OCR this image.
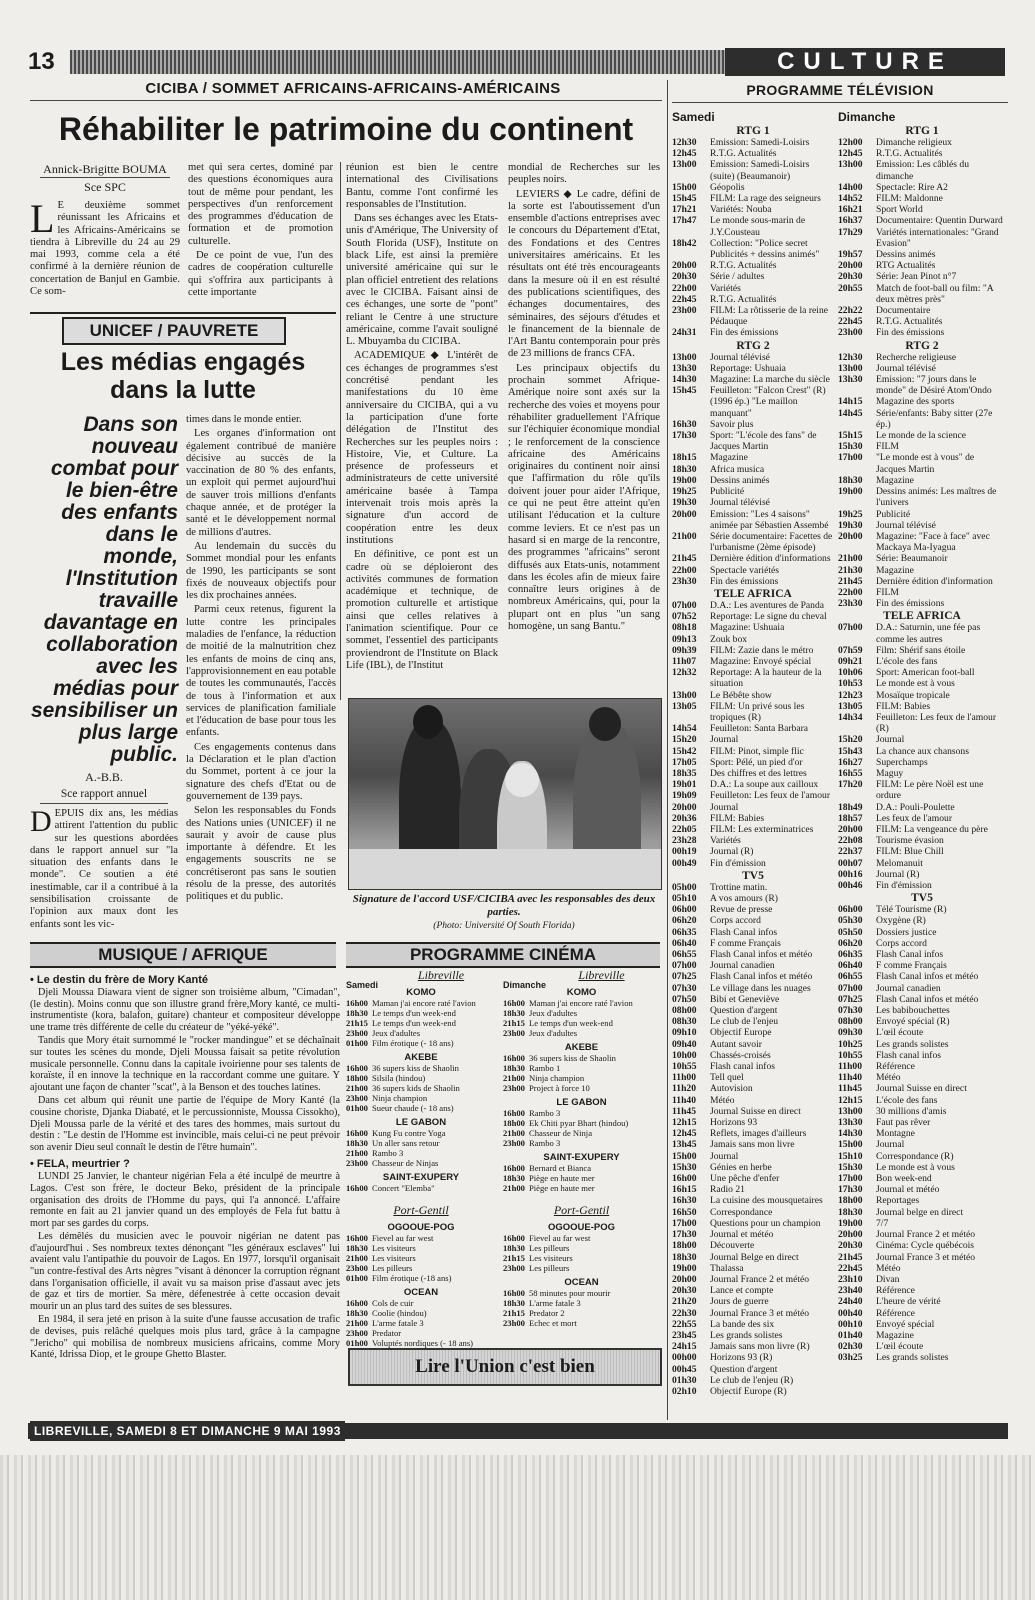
13	CULTURE
CICIBA / SOMMET AFRICAINS-AFRICAINS-AMÉRICAINS
Réhabiliter le patrimoine du continent
Annick-Brigitte BOUMA
Sce SPC

L E deuxième sommet réunissant les Africains et les Africains-Américains se tiendra à Libreville du 24 au 29 mai 1993, comme cela a été confirmé à la dernière réunion de concertation de Banjul en Gambie. Ce som-

met qui sera certes, dominé par des questions économiques aura tout de même pour pendant, les perspectives d'un renforcement des programmes d'éducation de formation et de promotion culturelle.

De ce point de vue, l'un des cadres de coopération culturelle qui s'offrira aux participants à cette importante

réunion est bien le centre international des Civilisations Bantu, comme l'ont confirmé les responsables de l'Institution.

Dans ses échanges avec les Etats-unis d'Amérique, The University of South Florida (USF), Institute on black Life, est ainsi la première université américaine qui sur le plan officiel entretient des relations avec le CICIBA. Faisant ainsi de ces échanges, une sorte de "pont" reliant le Centre à une structure américaine, comme l'avait souligné L. Mbuyamba du CICIBA.

ACADEMIQUE ◆ L'intérêt de ces échanges de programmes s'est concrétisé pendant les manifestations du 10 ème anniversaire du CICIBA, qui a vu la participation d'une forte délégation de l'Institut des Recherches sur les peuples noirs : Histoire, Vie, et Culture. La présence de professeurs et administrateurs de cette université américaine basée à Tampa intervenait trois mois après la signature d'un accord de coopération entre les deux institutions

En définitive, ce pont est un cadre où se déploieront des activités communes de formation académique et technique, de promotion culturelle et artistique ainsi que celles relatives à l'animation scientifique. Pour ce sommet, l'essentiel des participants proviendront de l'Institute on Black Life (IBL), de l'Institut

mondial de Recherches sur les peuples noirs.

LEVIERS ◆ Le cadre, défini de la sorte est l'aboutissement d'un ensemble d'actions entreprises avec le concours du Département d'Etat, des Fondations et des Centres universitaires américains. Et les résultats ont été très encourageants dans la mesure où il en est résulté des publications scientifiques, des échanges documentaires, des séminaires, des séjours d'études et le financement de la biennale de l'Art Bantu contemporain pour près de 23 millions de francs CFA.

Les principaux objectifs du prochain sommet Afrique-Amérique noire sont axés sur la recherche des voies et moyens pour réhabiliter graduellement l'Afrique sur l'échiquier économique mondial ; le renforcement de la conscience africaine des Américains originaires du continent noir ainsi que l'affirmation du rôle qu'ils doivent jouer pour aider l'Afrique, ce qui ne peut être atteint qu'en utilisant l'éducation et la culture comme leviers. Et ce n'est pas un hasard si en marge de la rencontre, des programmes "africains" seront diffusés aux Etats-unis, notamment dans les écoles afin de mieux faire connaître leurs origines à de nombreux Américains, qui, pour la plupart ont en plus "un sang homogène, un sang Bantu."

Signature de l'accord USF/CICIBA avec les responsables des deux parties.
(Photo: Université Of South Florida)
UNICEF / PAUVRETE
Les médias engagés
dans la lutte
Dans son nouveau combat pour le bien-être des enfants dans le monde, l'Institution travaille davantage en collaboration avec les médias pour sensibiliser un plus large public.
A.-B.B.
Sce rapport annuel

DEPUIS dix ans, les médias attirent l'attention du public sur les questions abordées dans le rapport annuel sur "la situation des enfants dans le monde". Ce soutien a été inestimable, car il a contribué à la sensibilisation croissante de l'opinion aux maux dont les enfants sont les vic-

times dans le monde entier.

Les organes d'information ont également contribué de manière décisive au succès de la vaccination de 80 % des enfants, un exploit qui permet aujourd'hui de sauver trois millions d'enfants chaque année, et de protéger la santé et le développement normal de millions d'autres.

Au lendemain du succès du Sommet mondial pour les enfants de 1990, les participants se sont fixés de nouveaux objectifs pour les dix prochaines années.

Parmi ceux retenus, figurent la lutte contre les principales maladies de l'enfance, la réduction de moitié de la malnutrition chez les enfants de moins de cinq ans, l'approvisionnement en eau potable de toutes les communautés, l'accès de tous à l'information et aux services de planification familiale et l'éducation de base pour tous les enfants.

Ces engagements contenus dans la Déclaration et le plan d'action du Sommet, portent à ce jour la signature des chefs d'Etat ou de gouvernement de 139 pays.

Selon les responsables du Fonds des Nations unies (UNICEF) il ne saurait y avoir de cause plus importante à défendre. Et les engagements souscrits ne se concrétiseront pas sans le soutien résolu de la presse, des autorités politiques et du public.

MUSIQUE / AFRIQUE
• Le destin du frère de Mory Kanté

Djeli Moussa Diawara vient de signer son troisième album, "Cimadan", (le destin). Moins connu que son illustre grand frère,Mory kanté, ce multi-instrumentiste (kora, balafon, guitare) chanteur et compositeur développe une trame très différente de celle du créateur de "yéké-yéké".

Tandis que Mory était surnommé le "rocker mandingue" et se déchaînait sur toutes les scènes du monde, Djeli Moussa faisait sa petite révolution musicale personnelle. Connu dans la capitale ivoirienne pour ses talents de koraïste, il en innove la technique en la raccordant comme une guitare. Y ajoutant une façon de chanter "scat", à la Benson et des touches latines.

Dans cet album qui réunit une partie de l'équipe de Mory Kanté (la cousine choriste, Djanka Diabaté, et le percussionniste, Moussa Cissokho), Djeli Moussa parle de la vérité et des tares des hommes, mais surtout du destin : "Le destin de l'Homme est invincible, mais celui-ci ne peut prévoir son avenir Dieu seul connaît le destin de l'être humain".

• FELA, meurtrier ?

LUNDI 25 Janvier, le chanteur nigérian Fela a été inculpé de meurtre à Lagos. C'est son frère, le docteur Beko, président de la principale organisation des droits de l'Homme du pays, qui l'a annoncé. L'affaire remonte en fait au 21 janvier quand un des employés de Fela fut battu à mort par ses gardes du corps.

Les démêlés du musicien avec le pouvoir nigérian ne datent pas d'aujourd'hui . Ses nombreux textes dénonçant "les généraux esclaves" lui avaient valu l'antipathie du pouvoir de Lagos. En 1977, lorsqu'il organisait "un contre-festival des Arts nègres "visant à dénoncer la corruption régnant dans l'organisation officielle, il avait vu sa maison prise d'assaut avec jets de gaz et tirs de mortier. Sa mère, défenestrée à cette occasion devait mourir un an plus tard des suites de ses blessures.

En 1984, il sera jeté en prison à la suite d'une fausse accusation de trafic de devises, puis relâché quelques mois plus tard, grâce à la campagne "Jericho" qui mobilisa de nombreux musiciens africains, comme Mory Kanté, Idrissa Diop, et le groupe Ghetto Blaster.

PROGRAMME CINÉMA
Samedi	Dimanche
Libreville
KOMO
16h00 Maman j'ai encore raté l'avion
18h30 Le temps d'un week-end
21h15 Le temps d'un week-end
23h00 Jeux d'adultes
01h00 Film érotique (- 18 ans)
AKEBE
16h00 36 supers kiss de Shaolin
18h00 Silsila (hindou)
21h00 36 supers kids de Shaolin
23h00 Ninja champion
01h00 Sueur chaude (- 18 ans)
LE GABON
16h00 Kung Fu contre Yoga
18h30 Un aller sans retour
21h00 Rambo 3
23h00 Chasseur de Ninjas
SAINT-EXUPERY
16h00 Concert "Elemba"
Port-Gentil
OGOOUE-POG
16h00 Fievel au far west
18h30 Les visiteurs
21h00 Les visiteurs
23h00 Les pilleurs
01h00 Film érotique (-18 ans)
OCEAN
16h00 Cols de cuir
18h30 Coolie (hindou)
21h00 L'arme fatale 3
23h00 Predator
01h00 Voluptés nordiques (- 18 ans)
Libreville
KOMO
16h00 Maman j'ai encore raté l'avion
18h30 Jeux d'adultes
21h15 Le temps d'un week-end
23h00 Jeux d'adultes
AKEBE
16h00 36 supers kiss de Shaolin
18h30 Rambo 1
21h00 Ninja champion
23h00 Project à force 10
LE GABON
16h00 Rambo 3
18h00 Ek Chiti pyar Bhart (hindou)
21h00 Chasseur de Ninja
23h00 Rambo 3
SAINT-EXUPERY
16h00 Bernard et Bianca
18h30 Piège en haute mer
21h00 Piège en haute mer
Port-Gentil
OGOOUE-POG
16h00 Fievel au far west
18h30 Les pilleurs
21h15 Les visiteurs
23h00 Les pilleurs
OCEAN
16h00 58 minutes pour mourir
18h30 L'arme fatale 3
21h15 Predator 2
23h00 Echec et mort
Lire l'Union c'est bien
PROGRAMME TÉLÉVISION
Samedi
RTG 1
12h30	Emission: Samedi-Loisirs
12h45	R.T.G. Actualités
13h00	Emission: Samedi-Loisirs (suite) (Beaumanoir)
15h00	Géopolis
15h45	FILM: La rage des seigneurs
17h21	Variétés: Nouba
17h47	Le monde sous-marin de J.Y.Cousteau
18h42	Collection: "Police secret Publicités + dessins animés"
20h00	R.T.G. Actualités
20h30	Série / adultes
22h00	Variétés
22h45	R.T.G. Actualités
23h00	FILM: La rôtisserie de la reine Pédauque
24h31	Fin des émissions
RTG 2
13h00	Journal télévisé
13h30	Reportage: Ushuaia
14h30	Magazine: La marche du siècle
15h45	Feuilleton: "Falcon Crest" (R) (1996 ép.) "Le maillon manquant"
16h30	Savoir plus
17h30	Sport: "L'école des fans" de Jacques Martin
18h15	Magazine
18h30	Africa musica
19h00	Dessins animés
19h25	Publicité
19h30	Journal télévisé
20h00	Emission: "Les 4 saisons" animée par Sébastien Assembé
21h00	Série documentaire: Facettes de l'urbanisme (2ème épisode)
21h45	Dernière édition d'informations
22h00	Spectacle variétés
23h30	Fin des émissions
TELE AFRICA
07h00	D.A.: Les aventures de Panda
07h52	Reportage: Le signe du cheval
08h18	Magazine: Ushuaia
09h13	Zouk box
09h39	FILM: Zazie dans le métro
11h07	Magazine: Envoyé spécial
12h32	Reportage: A la hauteur de la situation
13h00	Le Bébête show
13h05	FILM: Un privé sous les tropiques (R)
14h54	Feuilleton: Santa Barbara
15h20	Journal
15h42	FILM: Pinot, simple flic
17h05	Sport: Pélé, un pied d'or
18h35	Des chiffres et des lettres
19h01	D.A.: La soupe aux cailloux
19h09	Feuilleton: Les feux de l'amour
20h00	Journal
20h36	FILM: Babies
22h05	FILM: Les exterminatrices
23h28	Variétés
00h19	Journal (R)
00h49	Fin d'émission
TV5
05h00	Trottine matin.
05h10	A vos amours (R)
06h00	Revue de presse
06h20	Corps accord
06h35	Flash Canal infos
06h40	F comme Français
06h55	Flash Canal infos et météo
07h00	Journal canadien
07h25	Flash Canal infos et météo
07h30	Le village dans les nuages
07h50	Bibi et Geneviève
08h00	Question d'argent
08h30	Le club de l'enjeu
09h10	Objectif Europe
09h40	Autant savoir
10h00	Chassés-croisés
10h55	Flash canal infos
11h00	Tell quel
11h20	Autovision
11h40	Météo
11h45	Journal Suisse en direct
12h15	Horizons 93
12h45	Reflets, images d'ailleurs
13h45	Jamais sans mon livre
15h00	Journal
15h30	Génies en herbe
16h00	Une pêche d'enfer
16h15	Radio 21
16h30	La cuisine des mousquetaires
16h50	Correspondance
17h00	Questions pour un champion
17h30	Journal et météo
18h00	Découverte
18h30	Journal Belge en direct
19h00	Thalassa
20h00	Journal France 2 et météo
20h30	Lance et compte
21h20	Jours de guerre
22h30	Journal France 3 et météo
22h55	La bande des six
23h45	Les grands solistes
24h15	Jamais sans mon livre (R)
00h00	Horizons 93 (R)
00h45	Question d'argent
01h30	Le club de l'enjeu (R)
02h10	Objectif Europe (R)
Dimanche
RTG 1
12h00	Dimanche religieux
12h45	R.T.G. Actualités
13h00	Emission: Les câblés du dimanche
14h00	Spectacle: Rire A2
14h52	FILM: Maldonne
16h21	Sport World
16h37	Documentaire: Quentin Durward
17h29	Variétés internationales: "Grand Evasion"
19h57	Dessins animés
20h00	RTG Actualités
20h30	Série: Jean Pinot n°7
20h55	Match de foot-ball ou film: "A deux mètres près"
22h22	Documentaire
22h45	R.T.G. Actualités
23h00	Fin des émissions
RTG 2
12h30	Recherche religieuse
13h00	Journal télévisé
13h30	Emission: "7 jours dans le monde" de Désiré Atom'Ondo
14h15	Magazine des sports
14h45	Série/enfants: Baby sitter (27e ép.)
15h15	Le monde de la science
15h30	FILM
17h00	"Le monde est à vous" de Jacques Martin
18h30	Magazine
19h00	Dessins animés: Les maîtres de l'univers
19h25	Publicité
19h30	Journal télévisé
20h00	Magazine: "Face à face" avec Mackaya Ma-Iyagua
21h00	Série: Beaumanoir
21h30	Magazine
21h45	Dernière édition d'information
22h00	FILM
23h30	Fin des émissions
TELE AFRICA
07h00	D.A.: Saturnin, une fée pas comme les autres
07h59	Film: Shérif sans étoile
09h21	L'école des fans
10h06	Sport: American foot-ball
10h53	Le monde est à vous
12h23	Mosaïque tropicale
13h05	FILM: Babies
14h34	Feuilleton: Les feux de l'amour (R)
15h20	Journal
15h43	La chance aux chansons
16h27	Superchamps
16h55	Maguy
17h20	FILM: Le père Noël est une ordure
18h49	D.A.: Pouli-Poulette
18h57	Les feux de l'amour
20h00	FILM: La vengeance du père
22h08	Tourisme évasion
22h37	FILM: Blue Chill
00h07	Melomanuit
00h16	Journal (R)
00h46	Fin d'émission
TV5
06h00	Télé Tourisme (R)
05h30	Oxygène (R)
05h50	Dossiers justice
06h20	Corps accord
06h35	Flash Canal infos
06h40	F comme Français
06h55	Flash Canal infos et météo
07h00	Journal canadien
07h25	Flash Canal infos et météo
07h30	Les babibouchettes
08h00	Envoyé spécial (R)
09h30	L'œil écoute
10h25	Les grands solistes
10h55	Flash canal infos
11h00	Référence
11h40	Météo
11h45	Journal Suisse en direct
12h15	L'école des fans
13h00	30 millions d'amis
13h30	Faut pas rêver
14h30	Montagne
15h00	Journal
15h10	Correspondance (R)
15h30	Le monde est à vous
17h00	Bon week-end
17h30	Journal et météo
18h00	Reportages
18h30	Journal belge en direct
19h00	7/7
20h00	Journal France 2 et météo
20h30	Cinéma: Cycle québécois
21h45	Journal France 3 et météo
22h45	Météo
23h10	Divan
23h40	Référence
24h40	L'heure de vérité
00h40	Référence
00h10	Envoyé spécial
01h40	Magazine
02h30	L'œil écoute
03h25	Les grands solistes
LIBREVILLE, SAMEDI 8 ET DIMANCHE 9 MAI 1993
